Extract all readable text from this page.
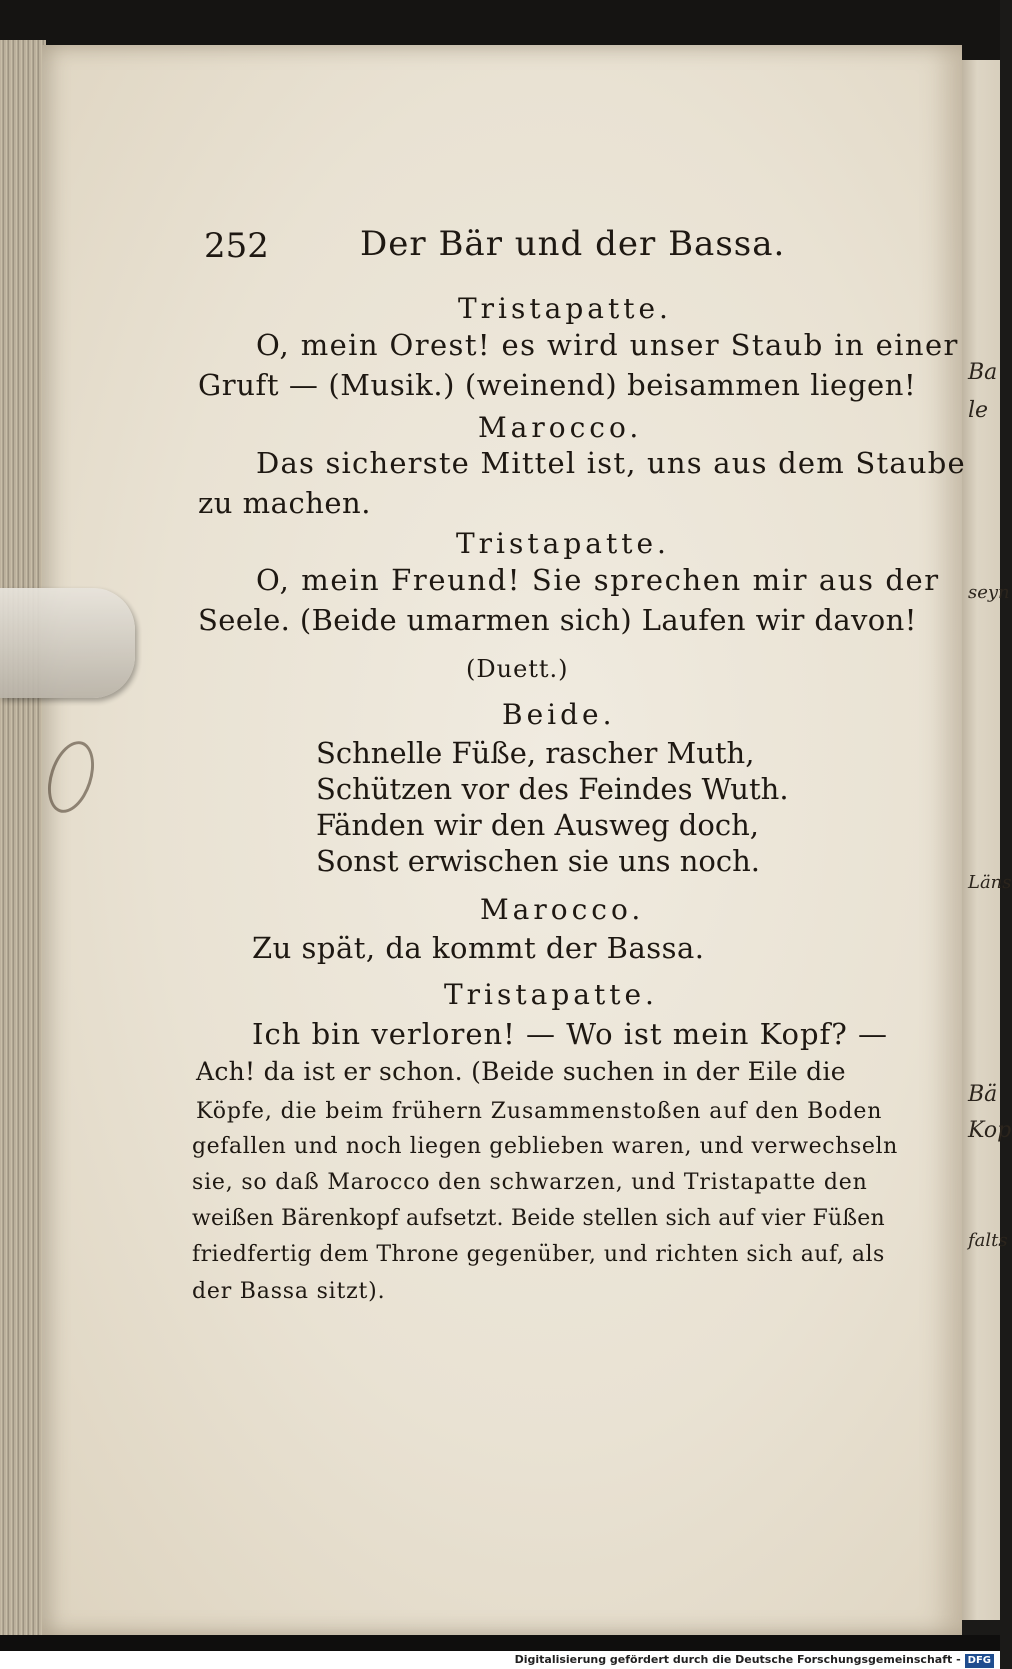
Ba
le
seyn
Läns
Bä
Kop
falts
252	Der Bär und der Bassa.
Tristapatte.
O, mein Orest! es wird unser Staub in einer
Gruft — (Musik.) (weinend) beisammen liegen!
Marocco.
Das sicherste Mittel ist, uns aus dem Staube
zu machen.
Tristapatte.
O, mein Freund! Sie sprechen mir aus der
Seele. (Beide umarmen sich) Laufen wir davon!
(Duett.)
Beide.
Schnelle Füße, rascher Muth,
Schützen vor des Feindes Wuth.
Fänden wir den Ausweg doch,
Sonst erwischen sie uns noch.
Marocco.
Zu spät, da kommt der Bassa.
Tristapatte.
Ich bin verloren! — Wo ist mein Kopf? —
Ach! da ist er schon. (Beide suchen in der Eile die
Köpfe, die beim frühern Zusammenstoßen auf den Boden
gefallen und noch liegen geblieben waren, und verwechseln
sie, so daß Marocco den schwarzen, und Tristapatte den
weißen Bärenkopf aufsetzt. Beide stellen sich auf vier Füßen
friedfertig dem Throne gegenüber, und richten sich auf, als
der Bassa sitzt).
Digitalisierung gefördert durch die Deutsche Forschungsgemeinschaft - DFG
